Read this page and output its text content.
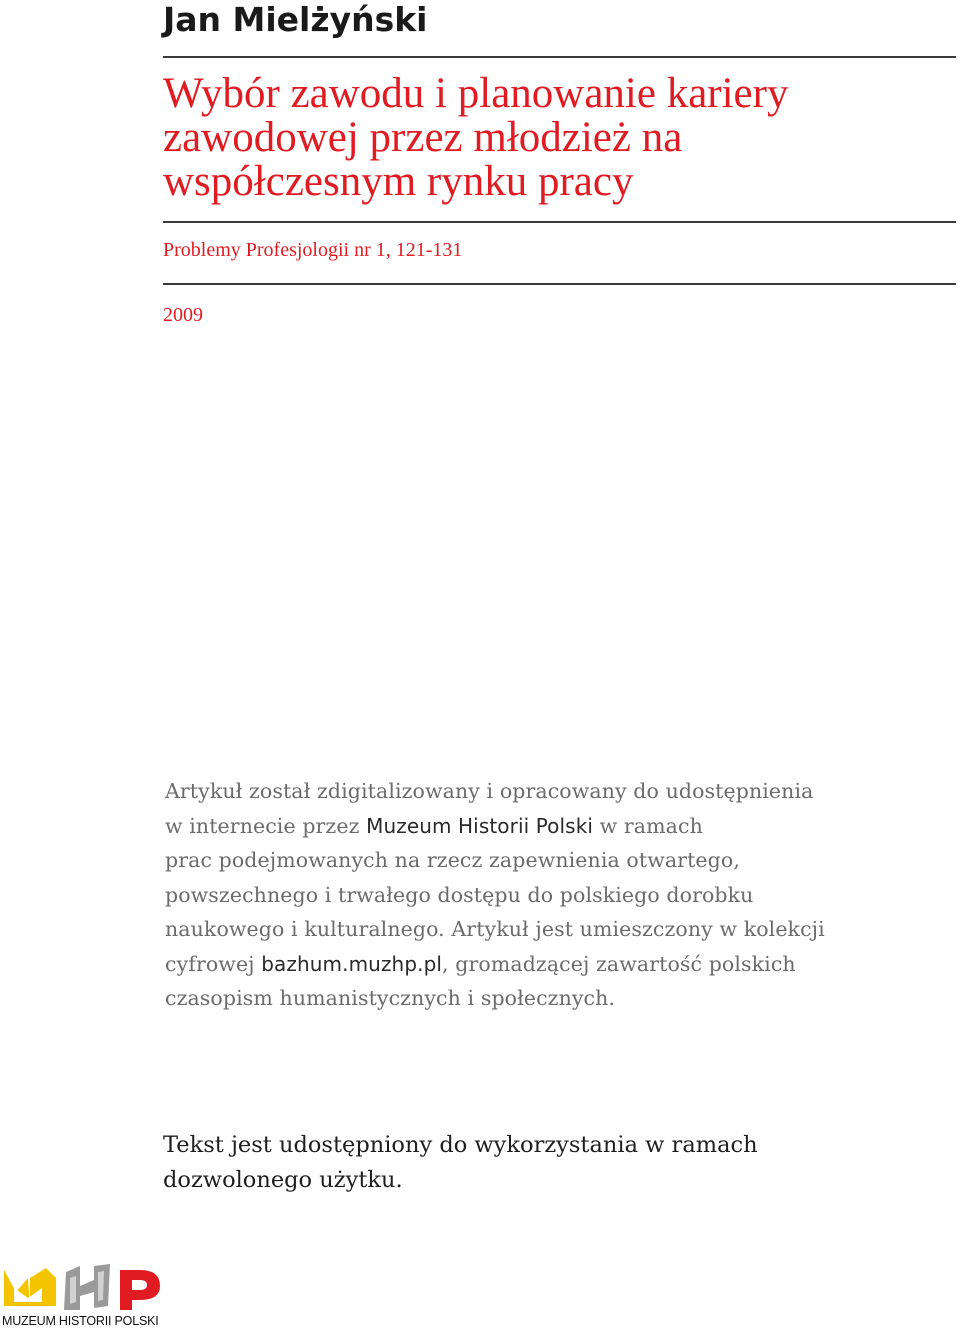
Jan Mielżyński
Wybór zawodu i planowanie kariery
zawodowej przez młodzież na
współczesnym rynku pracy
Problemy Profesjologii nr 1, 121-131
2009
Artykuł został zdigitalizowany i opracowany do udostępnienia
w internecie przez Muzeum Historii Polski w ramach
prac podejmowanych na rzecz zapewnienia otwartego,
powszechnego i trwałego dostępu do polskiego dorobku
naukowego i kulturalnego. Artykuł jest umieszczony w kolekcji
cyfrowej bazhum.muzhp.pl, gromadzącej zawartość polskich
czasopism humanistycznych i społecznych.
Tekst jest udostępniony do wykorzystania w ramach
dozwolonego użytku.
MUZEUM HISTORII POLSKI
